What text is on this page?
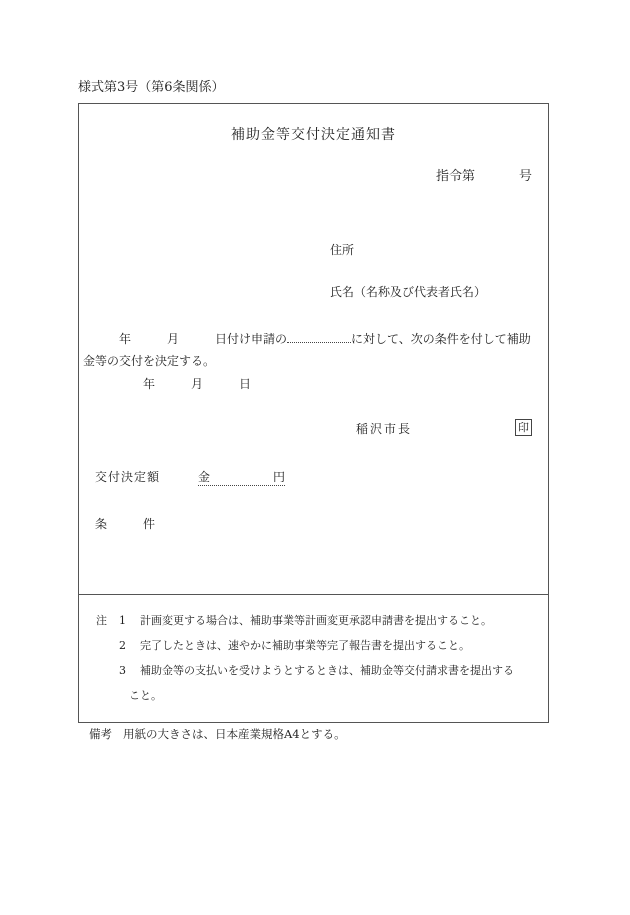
様式第3号（第6条関係）
補助金等交付決定通知書
指令第	号
住所
氏名（名称及び代表者氏名）
　　　年　　　月　　　日付け申請の	に対して、次の条件を付して補助
金等の交付を決定する。
　　　　　年　　　月　　　日
稲沢市長	印
交付決定額	金	円
条　　　件
注	1	計画変更する場合は、補助事業等計画変更承認申請書を提出すること。
2	完了したときは、速やかに補助事業等完了報告書を提出すること。
3	補助金等の支払いを受けようとするときは、補助金等交付請求書を提出する
こと。
備考 用紙の大きさは、日本産業規格A4とする。
